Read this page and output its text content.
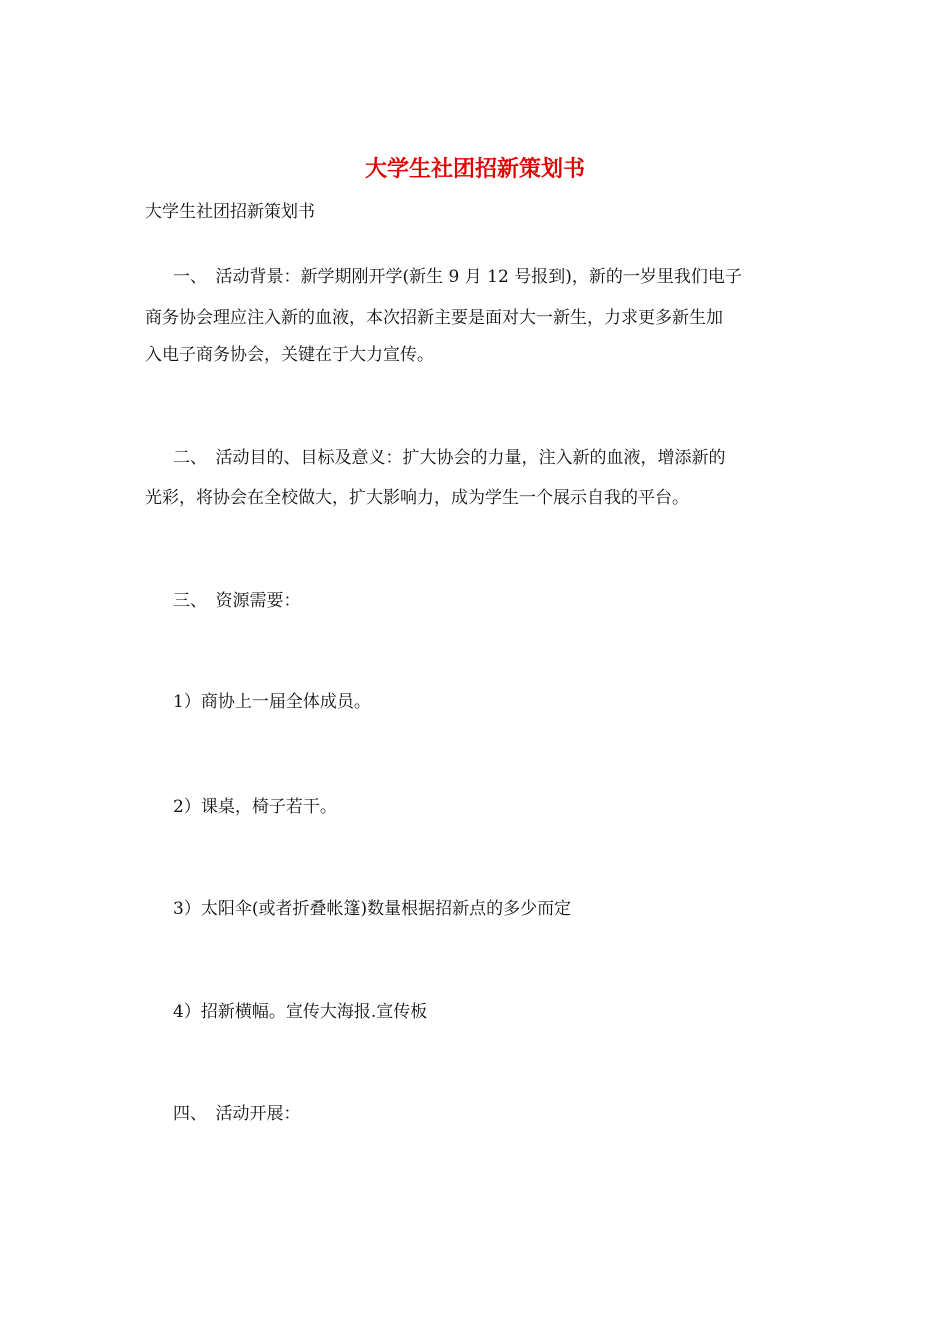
大学生社团招新策划书
大学生社团招新策划书
一、　活动背景：新学期刚开学(新生 9 月 12 号报到)，新的一岁里我们电子
商务协会理应注入新的血液，本次招新主要是面对大一新生，力求更多新生加
入电子商务协会，关键在于大力宣传。
二、　活动目的、目标及意义：扩大协会的力量，注入新的血液，增添新的
光彩，将协会在全校做大，扩大影响力，成为学生一个展示自我的平台。
三、　资源需要：
1）商协上一届全体成员。
2）课桌，椅子若干。
3）太阳伞(或者折叠帐篷)数量根据招新点的多少而定
4）招新横幅。宣传大海报.宣传板
四、　活动开展：
